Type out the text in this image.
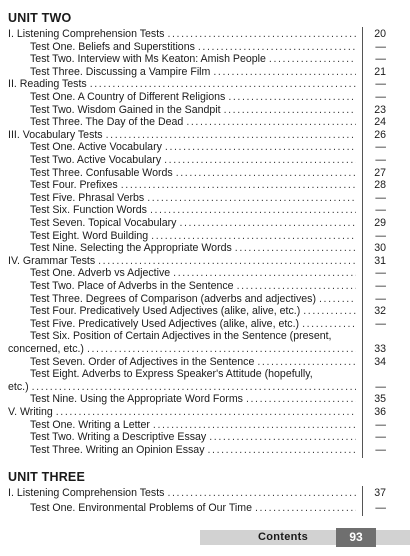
UNIT TWO
I. Listening Comprehension Tests .....	20
Test One. Beliefs and Superstitions .....	—
Test Two. Interview with Ms Keaton: Amish People .....	—
Test Three. Discussing a Vampire Film .....	21
II. Reading Tests .....	—
Test One. A Country of Different Religions .....	—
Test Two. Wisdom Gained in the Sandpit .....	23
Test Three. The Day of the Dead .....	24
III. Vocabulary Tests .....	26
Test One. Active Vocabulary .....	—
Test Two. Active Vocabulary .....	—
Test Three. Confusable Words .....	27
Test Four. Prefixes .....	28
Test Five. Phrasal Verbs .....	—
Test Six. Function Words .....	—
Test Seven. Topical Vocabulary .....	29
Test Eight. Word Building .....	—
Test Nine. Selecting the Appropriate Words .....	30
IV. Grammar Tests .....	31
Test One. Adverb vs Adjective .....	—
Test Two. Place of Adverbs in the Sentence .....	—
Test Three. Degrees of Comparison (adverbs and adjectives) .....	—
Test Four. Predicatively Used Adjectives (alike, alive, etc.) .....	32
Test Five. Predicatively Used Adjectives (alike, alive, etc.) .....	—
Test Six. Position of Certain Adjectives in the Sentence (present,
concerned, etc.) .....	33
Test Seven. Order of Adjectives in the Sentence .....	34
Test Eight. Adverbs to Express Speaker's Attitude (hopefully,
etc.) .....	—
Test Nine. Using the Appropriate Word Forms .....	35
V. Writing .....	36
Test One. Writing a Letter .....	—
Test Two. Writing a Descriptive Essay .....	—
Test Three. Writing an Opinion Essay .....	—
UNIT THREE
I. Listening Comprehension Tests .....	37
Test One. Environmental Problems of Our Time .....	—
Contents	93
